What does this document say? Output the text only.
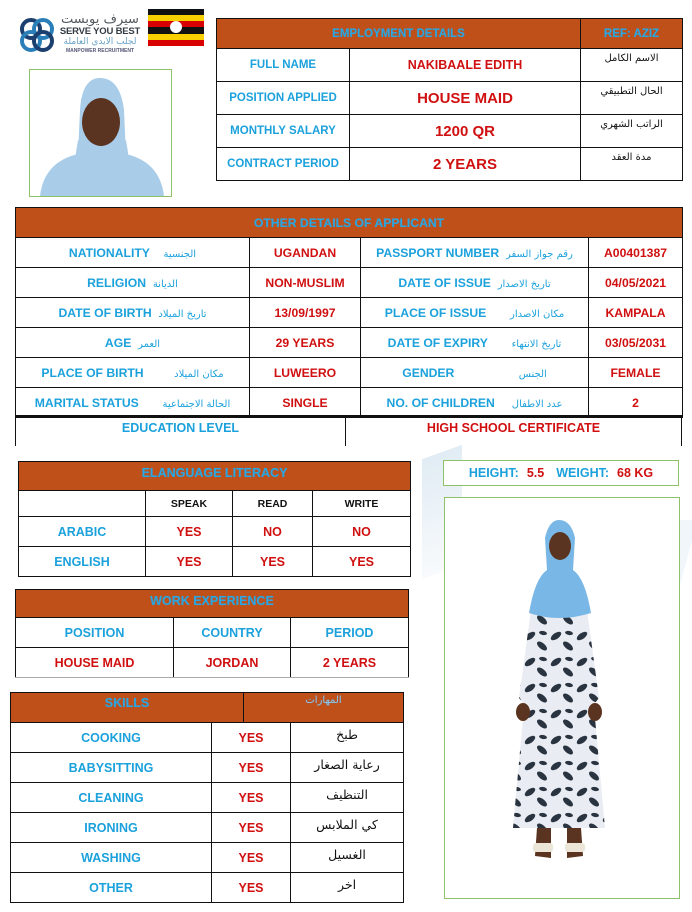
سيرف يوبست
SERVE YOU BEST
لجلب الايدي العاملة
MANPOWER RECRUITMENT
EMPLOYMENT DETAILS		REF: AZIZ
FULL NAME	NAKIBAALE EDITH	الاسم الكامل
POSITION APPLIED	HOUSE MAID	الحال التطبيقي
MONTHLY SALARY	1200 QR	الراتب الشهري
CONTRACT PERIOD	2 YEARS	مدة العقد
OTHER DETAILS OF APPLICANT			
NATIONALITY الجنسية	UGANDAN	PASSPORT NUMBER رقم جواز السفر	A00401387
RELIGION الديانة	NON-MUSLIM	DATE OF ISSUE تاريخ الاصدار	04/05/2021
DATE OF BIRTH تاريخ الميلاد	13/09/1997	PLACE OF ISSUE مكان الاصدار	KAMPALA
AGE العمر	29 YEARS	DATE OF EXPIRY تاريخ الانتهاء	03/05/2031
PLACE OF BIRTH مكان الميلاد	LUWEERO	GENDER الجنس	FEMALE
MARITAL STATUS الحالة الاجتماعية	SINGLE	NO. OF CHILDREN عدد الاطفال	2
EDUCATION LEVEL	HIGH SCHOOL CERTIFICATE
ELANGUAGE LITERACY			
	SPEAK	READ	WRITE
ARABIC	YES	NO	NO
ENGLISH	YES	YES	YES
WORK EXPERIENCE		
POSITION	COUNTRY	PERIOD
HOUSE MAID	JORDAN	2 YEARS
SKILLS		المهارات	
COOKING	YES		طبخ
BABYSITTING	YES		رعاية الصغار
CLEANING	YES		التنظيف
IRONING	YES		كي الملابس
WASHING	YES		الغسيل
OTHER	YES		اخر
HEIGHT: 5.5 WEIGHT: 68 KG
